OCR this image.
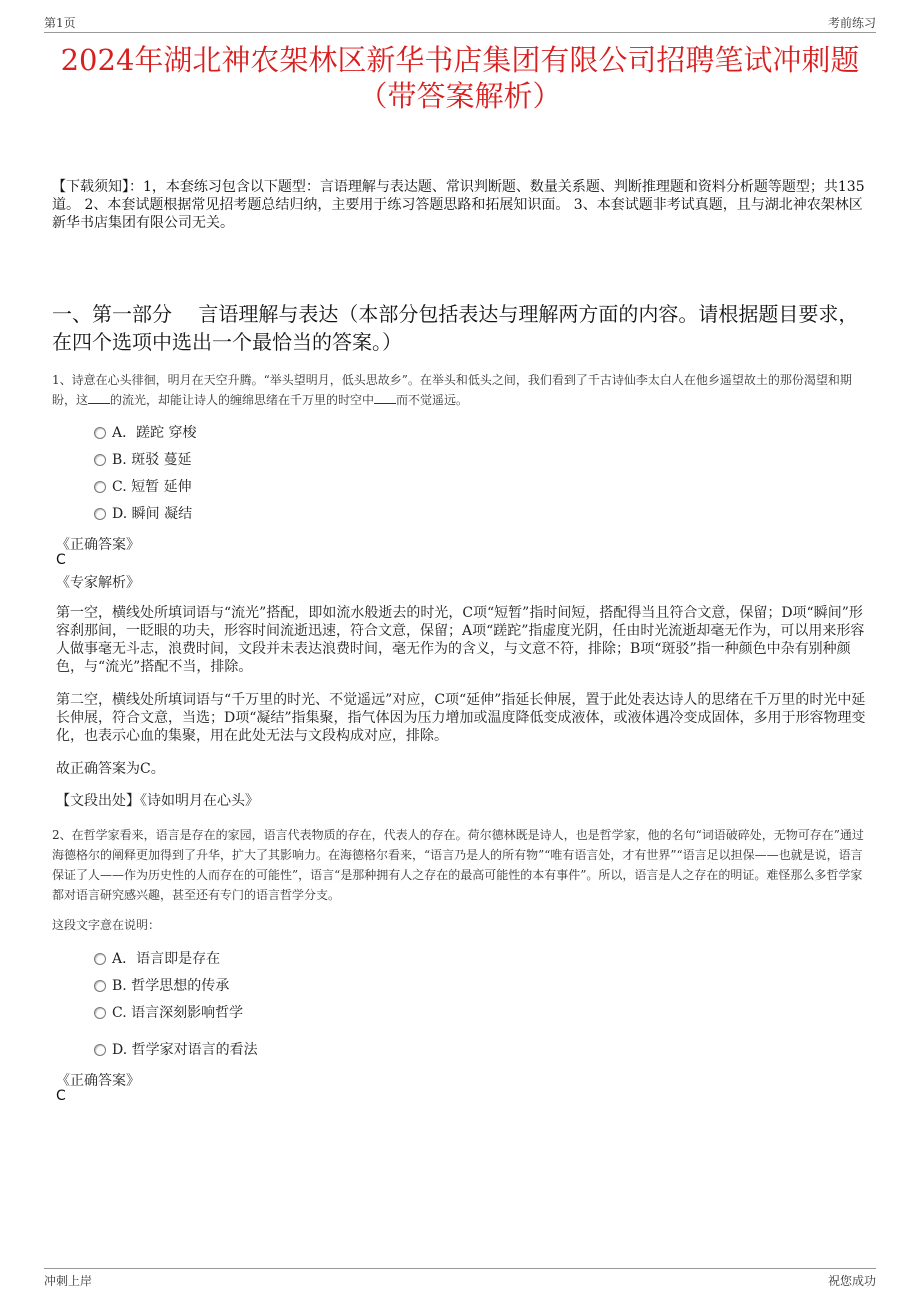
第1页	考前练习
2024年湖北神农架林区新华书店集团有限公司招聘笔试冲刺题
（带答案解析）
【下载须知】：1，本套练习包含以下题型：言语理解与表达题、常识判断题、数量关系题、判断推理题和资料分析题等题型；共135道。 2、本套试题根据常见招考题总结归纳，主要用于练习答题思路和拓展知识面。 3、本套试题非考试真题，且与湖北神农架林区新华书店集团有限公司无关。
一、第一部分　 言语理解与表达（本部分包括表达与理解两方面的内容。请根据题目要求，在四个选项中选出一个最恰当的答案。）
1、诗意在心头徘徊，明月在天空升腾。“举头望明月，低头思故乡”。在举头和低头之间，我们看到了千古诗仙李太白人在他乡遥望故土的那份渴望和期盼，这 的流光，却能让诗人的缠绵思绪在千万里的时空中 而不觉遥远。
A．蹉跎 穿梭
B. 斑驳 蔓延
C. 短暂 延伸
D. 瞬间 凝结
《正确答案》
C
《专家解析》
第一空，横线处所填词语与“流光”搭配，即如流水般逝去的时光，C项“短暂”指时间短，搭配得当且符合文意，保留；D项“瞬间”形容刹那间，一眨眼的功夫，形容时间流逝迅速，符合文意，保留；A项“蹉跎”指虚度光阴，任由时光流逝却毫无作为，可以用来形容人做事毫无斗志，浪费时间，文段并未表达浪费时间，毫无作为的含义，与文意不符，排除；B项“斑驳”指一种颜色中杂有别种颜色，与“流光”搭配不当，排除。
第二空，横线处所填词语与“千万里的时光、不觉遥远”对应，C项“延伸”指延长伸展，置于此处表达诗人的思绪在千万里的时光中延长伸展，符合文意，当选；D项“凝结”指集聚，指气体因为压力增加或温度降低变成液体，或液体遇冷变成固体，多用于形容物理变化，也表示心血的集聚，用在此处无法与文段构成对应，排除。
故正确答案为C。
【文段出处】《诗如明月在心头》
2、在哲学家看来，语言是存在的家园，语言代表物质的存在，代表人的存在。荷尔德林既是诗人，也是哲学家，他的名句“词语破碎处，无物可存在”通过海德格尔的阐释更加得到了升华，扩大了其影响力。在海德格尔看来，“语言乃是人的所有物”“唯有语言处，才有世界”“语言足以担保——也就是说，语言保证了人——作为历史性的人而存在的可能性”，语言“是那种拥有人之存在的最高可能性的本有事件”。所以，语言是人之存在的明证。难怪那么多哲学家都对语言研究感兴趣，甚至还有专门的语言哲学分支。
这段文字意在说明：
A．语言即是存在
B. 哲学思想的传承
C. 语言深刻影响哲学
D. 哲学家对语言的看法
《正确答案》
C
冲刺上岸	祝您成功
